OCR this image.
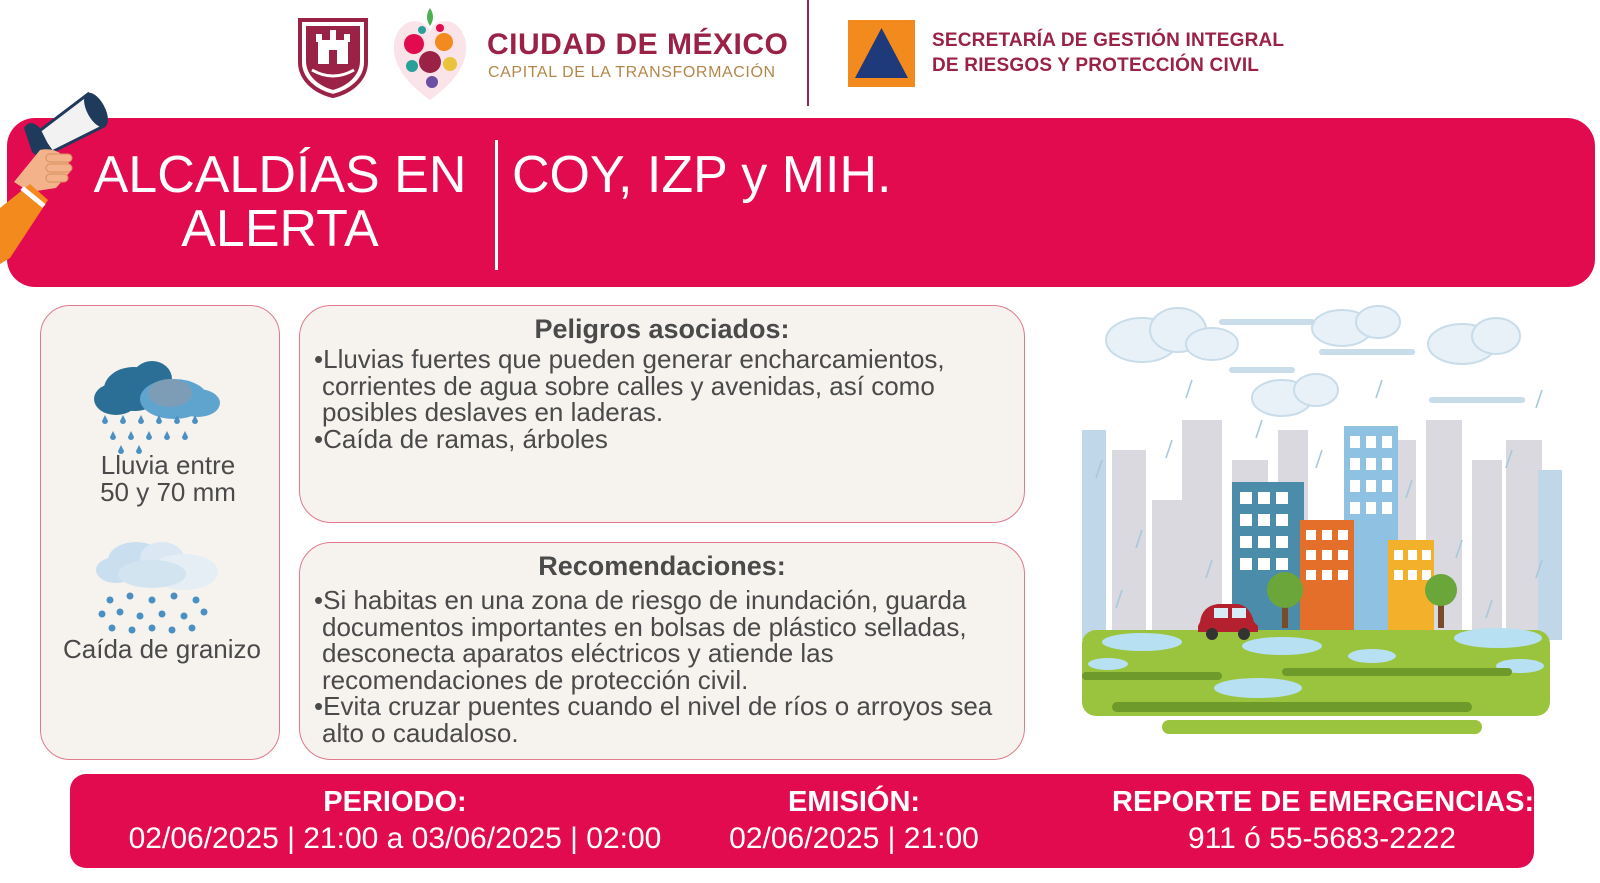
CIUDAD DE MÉXICO
CAPITAL DE LA TRANSFORMACIÓN
SECRETARÍA DE GESTIÓN INTEGRAL
DE RIESGOS Y PROTECCIÓN CIVIL
ALCALDÍAS EN
ALERTA
COY, IZP y MIH.
Lluvia entre
50 y 70 mm
Caída de granizo
Peligros asociados:
• Lluvias fuertes que pueden generar encharcamientos, corrientes de agua sobre calles y avenidas, así como posibles deslaves en laderas.
• Caída de ramas, árboles
Recomendaciones:
• Si habitas en una zona de riesgo de inundación, guarda documentos importantes en bolsas de plástico selladas, desconecta aparatos eléctricos y atiende las recomendaciones de protección civil.
• Evita cruzar puentes cuando el nivel de ríos o arroyos sea alto o caudaloso.
PERIODO:
02/06/2025 | 21:00 a 03/06/2025 | 02:00
EMISIÓN:
02/06/2025 | 21:00
REPORTE DE EMERGENCIAS:
911 ó 55-5683-2222
